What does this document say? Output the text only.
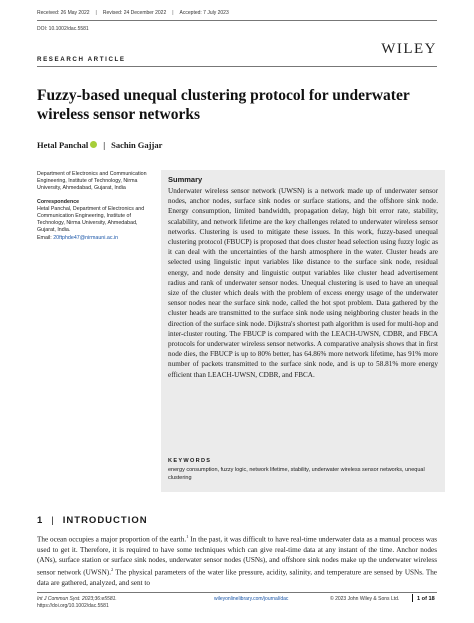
Received: 26 May 2022 | Revised: 24 December 2022 | Accepted: 7 July 2023
DOI: 10.1002/dac.5581
WILEY
RESEARCH ARTICLE
Fuzzy-based unequal clustering protocol for underwater wireless sensor networks
Hetal Panchal | Sachin Gajjar

Department of Electronics and Communication Engineering, Institute of Technology, Nirma University, Ahmedabad, Gujarat, India

Correspondence

Hetal Panchal, Department of Electronics and Communication Engineering, Institute of Technology, Nirma University, Ahmedabad, Gujarat, India.

Email: 20ftphde47@nirmauni.ac.in

Summary
Underwater wireless sensor network (UWSN) is a network made up of underwater sensor nodes, anchor nodes, surface sink nodes or surface stations, and the offshore sink node. Energy consumption, limited bandwidth, propagation delay, high bit error rate, stability, scalability, and network lifetime are the key challenges related to underwater wireless sensor networks. Clustering is used to mitigate these issues. In this work, fuzzy-based unequal clustering protocol (FBUCP) is proposed that does cluster head selection using fuzzy logic as it can deal with the uncertainties of the harsh atmosphere in the water. Cluster heads are selected using linguistic input variables like distance to the surface sink node, residual energy, and node density and linguistic output variables like cluster head advertisement radius and rank of underwater sensor nodes. Unequal clustering is used to have an unequal size of the cluster which deals with the problem of excess energy usage of the underwater sensor nodes near the surface sink node, called the hot spot problem. Data gathered by the cluster heads are transmitted to the surface sink node using neighboring cluster heads in the direction of the surface sink node. Dijkstra's shortest path algorithm is used for multi-hop and inter-cluster routing. The FBUCP is compared with the LEACH-UWSN, CDBR, and FBCA protocols for underwater wireless sensor networks. A comparative analysis shows that in first node dies, the FBUCP is up to 80% better, has 64.86% more network lifetime, has 91% more number of packets transmitted to the surface sink node, and is up to 58.81% more energy efficient than LEACH-UWSN, CDBR, and FBCA.
KEYWORDS
energy consumption, fuzzy logic, network lifetime, stability, underwater wireless sensor networks, unequal clustering
1 | INTRODUCTION
The ocean occupies a major proportion of the earth.$^1$ In the past, it was difficult to have real-time underwater data as a manual process was used to get it. Therefore, it is required to have some techniques which can give real-time data at any instant of the time. Anchor nodes (ANs), surface station or surface sink nodes, underwater sensor nodes (USNs), and offshore sink nodes make up the underwater wireless sensor network (UWSN).$^2$ The physical parameters of the water like pressure, acidity, salinity, and temperature are sensed by USNs. The data are gathered, analyzed, and sent to
Int J Commun Syst. 2023;36:e5581.
https://doi.org/10.1002/dac.5581
wileyonlinelibrary.com/journal/dac	© 2023 John Wiley & Sons Ltd.	1 of 18
